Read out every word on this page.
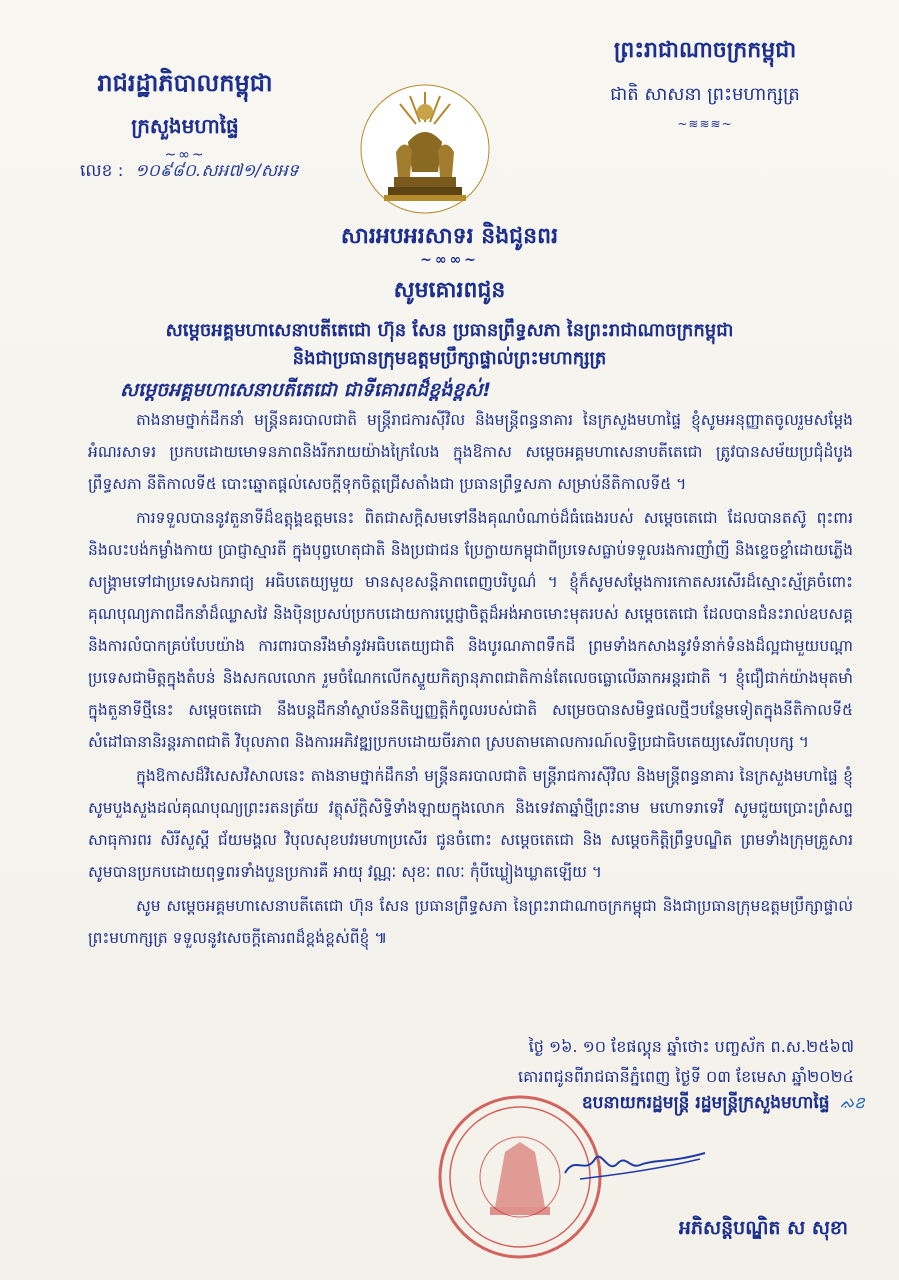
រាជរដ្ឋាភិបាលកម្ពុជា
ក្រសួងមហាផ្ទៃ
~∞~
លេខ : ១០៩៨០.សអ៧១/សអទ
ព្រះរាជាណាចក្រកម្ពុជា
ជាតិ សាសនា ព្រះមហាក្សត្រ
~≋≋≋~
សារអបអរសាទរ និងជូនពរ
~∞∞~
សូមគោរពជូន
សម្តេចអគ្គមហាសេនាបតីតេជោ ហ៊ុន សែន ប្រធានព្រឹទ្ធសភា នៃព្រះរាជាណាចក្រកម្ពុជា
និងជាប្រធានក្រុមឧត្តមប្រឹក្សាផ្ទាល់ព្រះមហាក្សត្រ
សម្តេចអគ្គមហាសេនាបតីតេជោ ជាទីគោរពដ៏ខ្ពង់ខ្ពស់!

តាងនាមថ្នាក់ដឹកនាំ មន្រ្តីនគរបាលជាតិ មន្រ្តីរាជការស៊ីវិល និងមន្រ្តីពន្ធនាគារ នៃក្រសួងមហាផ្ទៃ ខ្ញុំសូមអនុញ្ញាតចូលរួមសម្តែងអំណរសាទរ ប្រកបដោយមោទនភាពនិងរីករាយយ៉ាងក្រៃលែង ក្នុងឱកាស សម្តេចអគ្គមហាសេនាបតីតេជោ ត្រូវបានសម័យប្រជុំដំបូងព្រឹទ្ធសភា នីតិកាលទី៥ បោះឆ្នោតផ្តល់សេចក្តីទុកចិត្តជ្រើសតាំងជា ប្រធានព្រឹទ្ធសភា សម្រាប់នីតិកាលទី៥ ។

ការទទួលបាននូវតួនាទីដ៏ឧត្តុង្គឧត្តមនេះ ពិតជាសក្តិសមទៅនឹងគុណបំណាច់ដ៏ធំធេងរបស់ សម្តេចតេជោ ដែលបានតស៊ូ ពុះពារ និងលះបង់កម្លាំងកាយ ប្រាជ្ញាស្មារតី ក្នុងបុព្វហេតុជាតិ និងប្រជាជន ប្រែក្លាយកម្ពុជាពីប្រទេសធ្លាប់ទទួលរងការញាំញី និងខ្ទេចខ្ទាំដោយភ្លើងសង្រ្គាមទៅជាប្រទេសឯករាជ្យ អធិបតេយ្យមួយ មានសុខសន្តិភាពពេញបរិបូណ៌ ។ ខ្ញុំក៏សូមសម្តែងការកោតសរសើរដ៏ស្មោះស្ម័គ្រចំពោះគុណបុណ្យភាពដឹកនាំដ៏ឈ្លាសវៃ និងប៉ិនប្រសប់ប្រកបដោយការប្តេជ្ញាចិត្តដ៏អង់អាចមោះមុតរបស់ សម្តេចតេជោ ដែលបានជំនះរាល់ឧបសគ្គ និងការលំបាកគ្រប់បែបយ៉ាង ការពារបានរឹងមាំនូវអធិបតេយ្យជាតិ និងបូរណភាពទឹកដី ព្រមទាំងកសាងនូវទំនាក់ទំនងដ៏ល្អជាមួយបណ្តាប្រទេសជាមិត្តក្នុងតំបន់ និងសកលលោក រួមចំណែកលើកស្ទួយកិត្យានុភាពជាតិកាន់តែលេចធ្លោលើឆាកអន្តរជាតិ ។ ខ្ញុំជឿជាក់យ៉ាងមុតមាំ ក្នុងតួនាទីថ្មីនេះ សម្តេចតេជោ នឹងបន្តដឹកនាំស្ថាប័ននីតិប្បញ្ញត្តិកំពូលរបស់ជាតិ សម្រេចបានសមិទ្ធផលថ្មីៗបន្ថែមទៀតក្នុងនីតិកាលទី៥ សំដៅធានានិរន្តរភាពជាតិ វិបុលភាព និងការអភិវឌ្ឍប្រកបដោយចីរភាព ស្របតាមគោលការណ៍លទ្ធិប្រជាធិបតេយ្យសេរីពហុបក្ស ។

ក្នុងឱកាសដ៏វិសេសវិសាលនេះ តាងនាមថ្នាក់ដឹកនាំ មន្រ្តីនគរបាលជាតិ មន្រ្តីរាជការស៊ីវិល និងមន្រ្តីពន្ធនាគារ នៃក្រសួងមហាផ្ទៃ ខ្ញុំសូមបួងសួងដល់គុណបុណ្យព្រះរតនត្រ័យ វត្ថុស័ក្តិសិទ្ធិទាំងឡាយក្នុងលោក និងទេវតាឆ្នាំថ្មីព្រះនាម មហោទរាទេវី សូមជួយប្រោះព្រំសព្ទសាធុការពរ សិរីសួស្តី ជ័យមង្គល វិបុលសុខបវរមហាប្រសើរ ជូនចំពោះ សម្តេចតេជោ និង សម្តេចកិត្តិព្រឹទ្ធបណ្ឌិត ព្រមទាំងក្រុមគ្រួសារ សូមបានប្រកបដោយពុទ្ធពរទាំងបួនប្រការគឺ អាយុ វណ្ណៈ សុខៈ ពលៈ កុំបីឃ្លៀងឃ្លាតឡើយ ។

សូម សម្តេចអគ្គមហាសេនាបតីតេជោ ហ៊ុន សែន ប្រធានព្រឹទ្ធសភា នៃព្រះរាជាណាចក្រកម្ពុជា និងជាប្រធានក្រុមឧត្តមប្រឹក្សាផ្ទាល់ព្រះមហាក្សត្រ ទទួលនូវសេចក្តីគោរពដ៏ខ្ពង់ខ្ពស់ពីខ្ញុំ ៕

ថ្ងៃ ១៦. ១០ ខែផល្គុន ឆ្នាំថោះ បញ្ចស័ក ព.ស.២៥៦៧
គោរពជូនពីរាជធានីភ្នំពេញ ថ្ងៃទី ០៣ ខែមេសា ឆ្នាំ២០២៤
ឧបនាយករដ្ឋមន្រ្តី រដ្ឋមន្រ្តីក្រសួងមហាផ្ទៃ ᨁ౭
អភិសន្តិបណ្ឌិត ស សុខា
